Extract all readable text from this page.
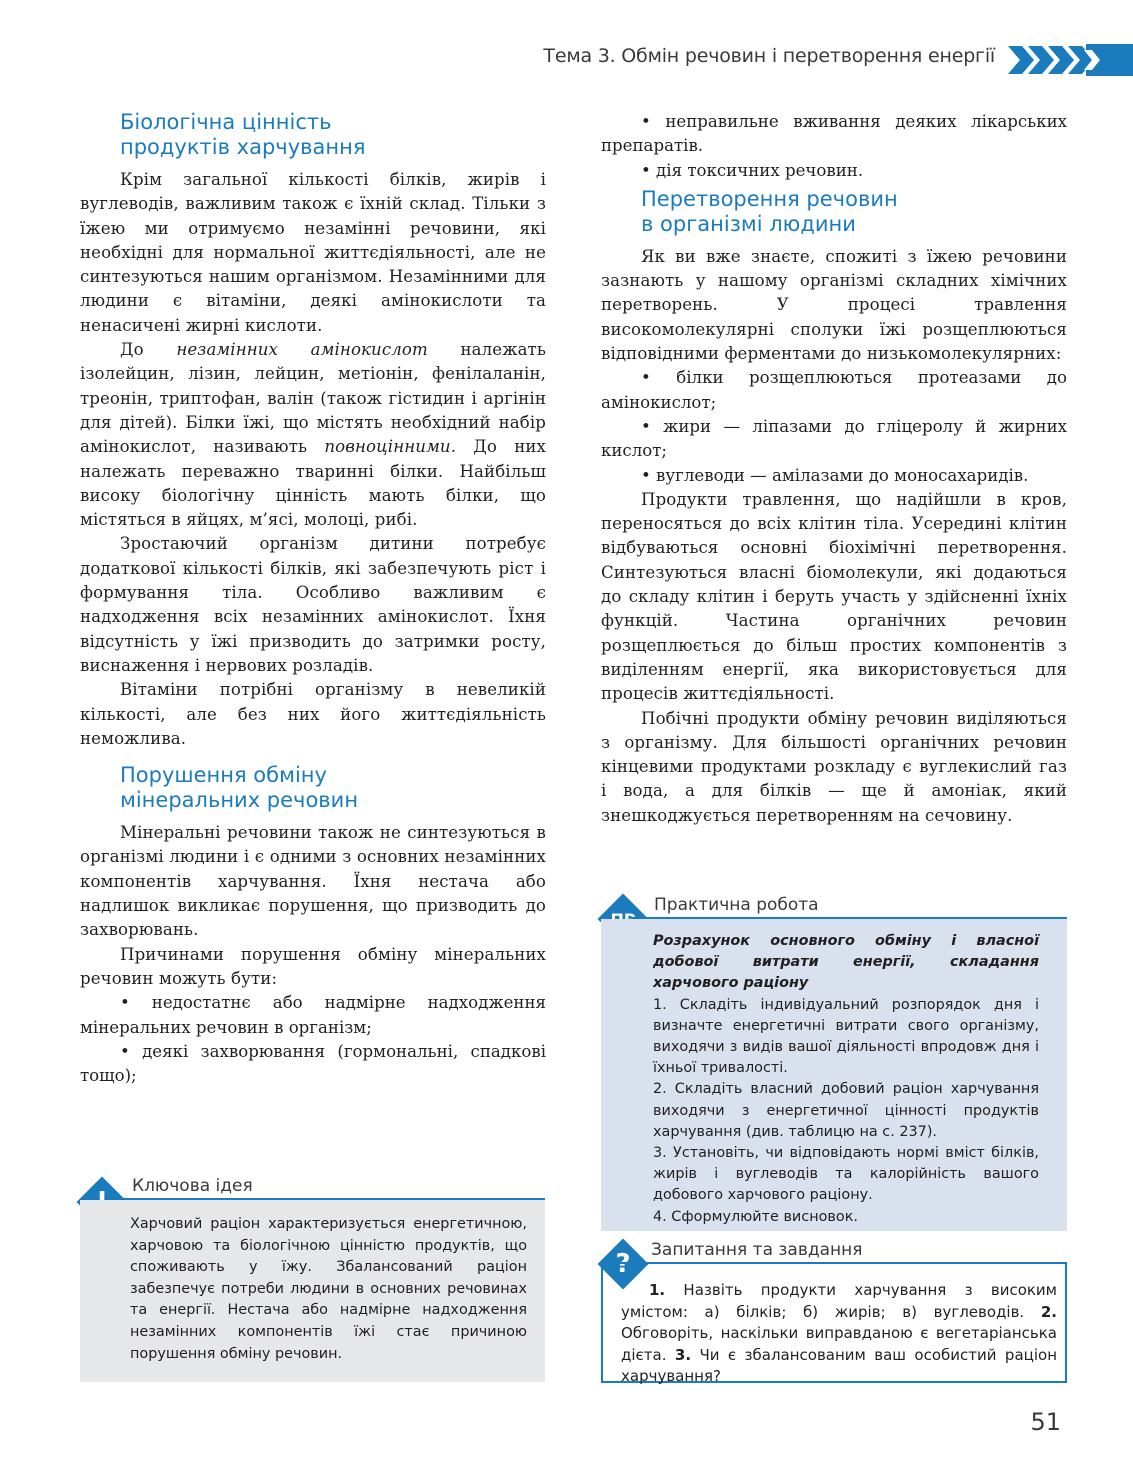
Тема 3. Обмін речовин і перетворення енергії
Біологічна цінність
продуктів харчування

Крім загальної кількості білків, жирів і вуглеводів, важливим також є їхній склад. Тільки з їжею ми отримуємо незамінні речовини, які необхідні для нормальної життєдіяльності, але не синтезуються нашим організмом. Незамінними для людини є вітаміни, деякі амінокислоти та ненасичені жирні кислоти.

До незамінних амінокислот належать ізолейцин, лізин, лейцин, метіонін, фенілаланін, треонін, триптофан, валін (також гістидин і аргінін для дітей). Білки їжі, що містять необхідний набір амінокислот, називають повноцінними. До них належать переважно тваринні білки. Найбільш високу біологічну цінність мають білки, що містяться в яйцях, м’ясі, молоці, рибі.

Зростаючий організм дитини потребує додаткової кількості білків, які забезпечують ріст і формування тіла. Особливо важливим є надходження всіх незамінних амінокислот. Їхня відсутність у їжі призводить до затримки росту, виснаження і нервових розладів.

Вітаміни потрібні організму в невеликій кількості, але без них його життєдіяльність неможлива.

Порушення обміну
мінеральних речовин

Мінеральні речовини також не синтезуються в організмі людини і є одними з основних незамінних компонентів харчування. Їхня нестача або надлишок викликає порушення, що призводить до захворювань.

Причинами порушення обміну мінеральних речовин можуть бути:

• недостатнє або надмірне надходження мінеральних речовин в організм;

• деякі захворювання (гормональні, спадкові тощо);

Ключова ідея
Харчовий раціон характеризується енергетичною, харчовою та біологічною цінністю продуктів, що споживають у їжу. Збалансований раціон забезпечує потреби людини в основних речовинах та енергії. Нестача або надмірне надходження незамінних компонентів їжі стає причиною порушення обміну речовин.

• неправильне вживання деяких лікарських препаратів.

• дія токсичних речовин.

Перетворення речовин
в організмі людини

Як ви вже знаєте, спожиті з їжею речовини зазнають у нашому організмі складних хімічних перетворень. У процесі травлення високомолекулярні сполуки їжі розщеплюються відповідними ферментами до низькомолекулярних:

• білки розщеплюються протеазами до амінокислот;

• жири — ліпазами до гліцеролу й жирних кислот;

• вуглеводи — амілазами до моносахаридів.

Продукти травлення, що надійшли в кров, переносяться до всіх клітин тіла. Усередині клітин відбуваються основні біохімічні перетворення. Синтезуються власні біомолекули, які додаються до складу клітин і беруть участь у здійсненні їхніх функцій. Частина органічних речовин розщеплюється до більш простих компонентів з виділенням енергії, яка використовується для процесів життєдіяльності.

Побічні продукти обміну речовин виділяються з організму. Для більшості органічних речовин кінцевими продуктами розкладу є вуглекислий газ і вода, а для білків — ще й амоніак, який знешкоджується перетворенням на сечовину.

Практична робота
Розрахунок основного обміну і власної добової витрати енергії, складання харчового раціону
1. Складіть індивідуальний розпорядок дня і визначте енергетичні витрати свого організму, виходячи з видів вашої діяльності впродовж дня і їхньої тривалості.
2. Складіть власний добовий раціон харчування виходячи з енергетичної цінності продуктів харчування (див. таблицю на с. 237).
3. Установіть, чи відповідають нормі вміст білків, жирів і вуглеводів та калорійність вашого добового харчового раціону.
4. Сформулюйте висновок.
?	Запитання та завдання
1. Назвіть продукти харчування з високим умістом: а) білків; б) жирів; в) вуглеводів. 2. Обговоріть, наскільки виправданою є вегетаріанська дієта. 3. Чи є збалансованим ваш особистий раціон харчування?
51
